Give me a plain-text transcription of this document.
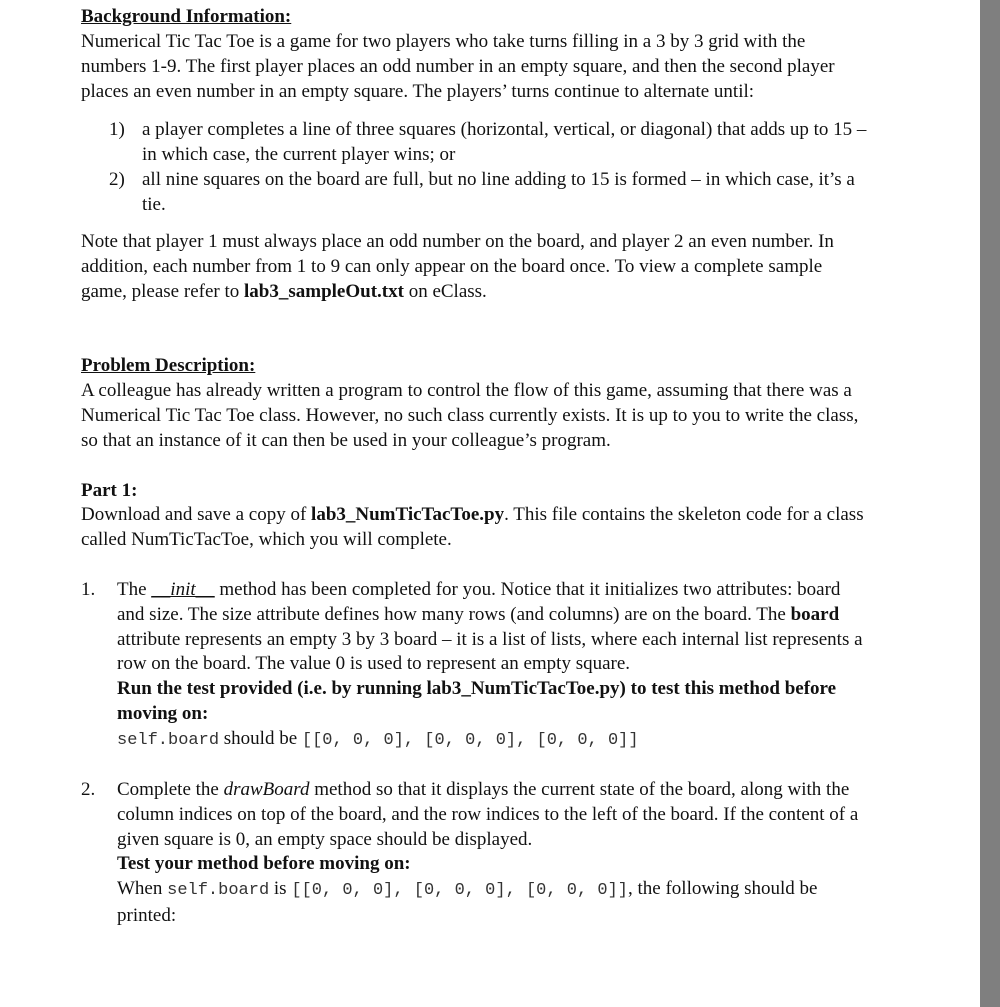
Background Information:
Numerical Tic Tac Toe is a game for two players who take turns filling in a 3 by 3 grid with the numbers 1-9. The first player places an odd number in an empty square, and then the second player places an even number in an empty square. The players’ turns continue to alternate until:
1) a player completes a line of three squares (horizontal, vertical, or diagonal) that adds up to 15 – in which case, the current player wins; or
2) all nine squares on the board are full, but no line adding to 15 is formed – in which case, it’s a tie.
Note that player 1 must always place an odd number on the board, and player 2 an even number. In addition, each number from 1 to 9 can only appear on the board once. To view a complete sample game, please refer to lab3_sampleOut.txt on eClass.
Problem Description:
A colleague has already written a program to control the flow of this game, assuming that there was a Numerical Tic Tac Toe class. However, no such class currently exists. It is up to you to write the class, so that an instance of it can then be used in your colleague’s program.
Part 1:
Download and save a copy of lab3_NumTicTacToe.py. This file contains the skeleton code for a class called NumTicTacToe, which you will complete.
1. The __init__ method has been completed for you. Notice that it initializes two attributes: board and size. The size attribute defines how many rows (and columns) are on the board. The board attribute represents an empty 3 by 3 board – it is a list of lists, where each internal list represents a row on the board. The value 0 is used to represent an empty square.
Run the test provided (i.e. by running lab3_NumTicTacToe.py) to test this method before moving on:
self.board should be [[0, 0, 0], [0, 0, 0], [0, 0, 0]]
2. Complete the drawBoard method so that it displays the current state of the board, along with the column indices on top of the board, and the row indices to the left of the board. If the content of a given square is 0, an empty space should be displayed.
Test your method before moving on:
When self.board is [[0, 0, 0], [0, 0, 0], [0, 0, 0]], the following should be printed:
